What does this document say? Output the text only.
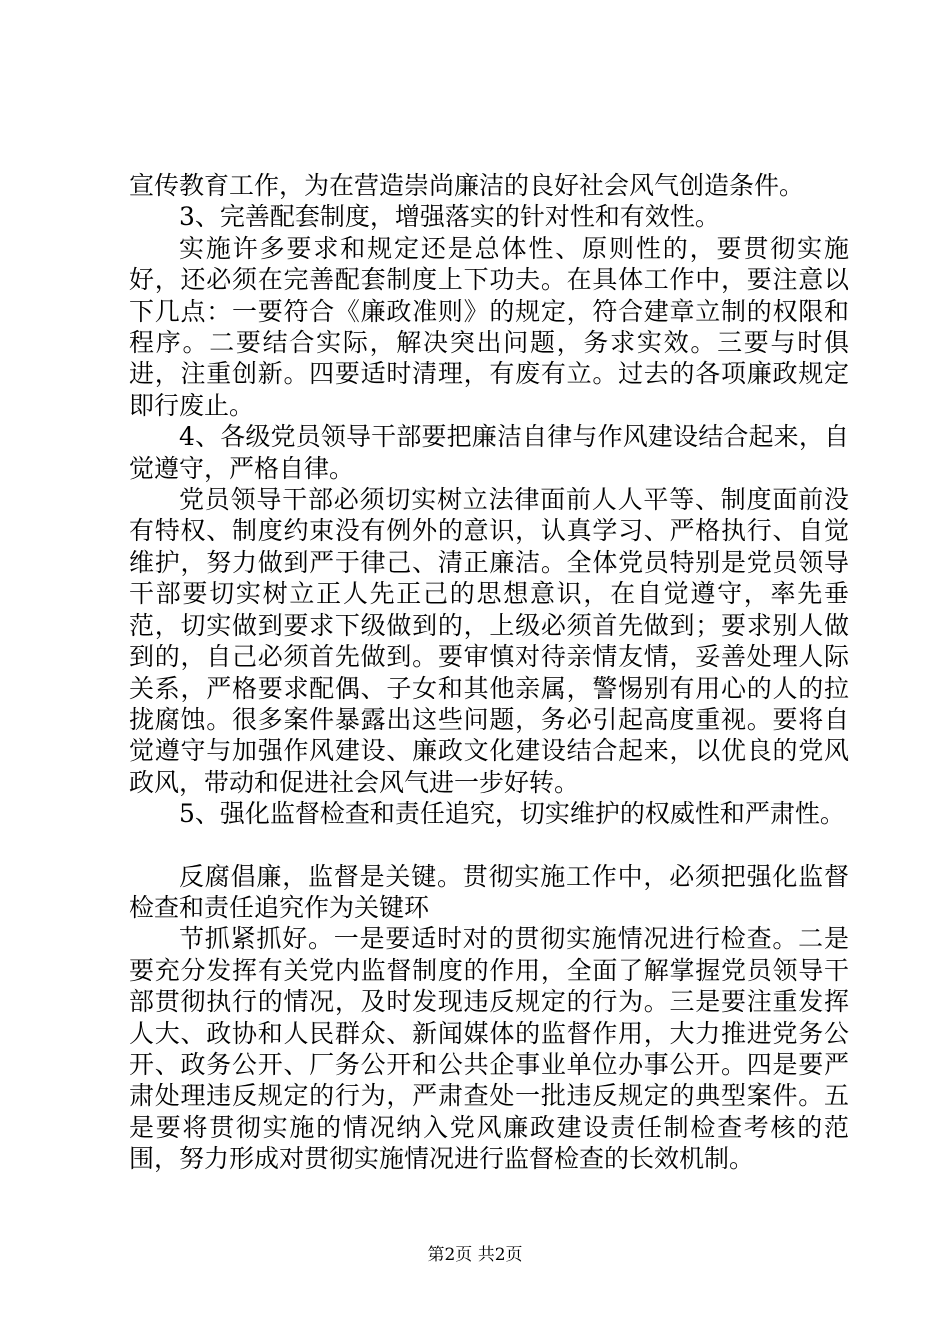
宣传教育工作，为在营造崇尚廉洁的良好社会风气创造条件。

3、完善配套制度，增强落实的针对性和有效性。

实施许多要求和规定还是总体性、原则性的，要贯彻实施好，还必须在完善配套制度上下功夫。在具体工作中，要注意以下几点：一要符合《廉政准则》的规定，符合建章立制的权限和程序。二要结合实际，解决突出问题，务求实效。三要与时俱进，注重创新。四要适时清理，有废有立。过去的各项廉政规定即行废止。

4、各级党员领导干部要把廉洁自律与作风建设结合起来，自觉遵守，严格自律。

党员领导干部必须切实树立法律面前人人平等、制度面前没有特权、制度约束没有例外的意识，认真学习、严格执行、自觉维护，努力做到严于律己、清正廉洁。全体党员特别是党员领导干部要切实树立正人先正己的思想意识，在自觉遵守，率先垂范，切实做到要求下级做到的，上级必须首先做到；要求别人做到的，自己必须首先做到。要审慎对待亲情友情，妥善处理人际关系，严格要求配偶、子女和其他亲属，警惕别有用心的人的拉拢腐蚀。很多案件暴露出这些问题，务必引起高度重视。要将自觉遵守与加强作风建设、廉政文化建设结合起来，以优良的党风政风，带动和促进社会风气进一步好转。

5、强化监督检查和责任追究，切实维护的权威性和严肃性。

反腐倡廉，监督是关键。贯彻实施工作中，必须把强化监督检查和责任追究作为关键环

节抓紧抓好。一是要适时对的贯彻实施情况进行检查。二是要充分发挥有关党内监督制度的作用，全面了解掌握党员领导干部贯彻执行的情况，及时发现违反规定的行为。三是要注重发挥人大、政协和人民群众、新闻媒体的监督作用，大力推进党务公开、政务公开、厂务公开和公共企事业单位办事公开。四是要严肃处理违反规定的行为，严肃查处一批违反规定的典型案件。五是要将贯彻实施的情况纳入党风廉政建设责任制检查考核的范围，努力形成对贯彻实施情况进行监督检查的长效机制。

第2页 共2页
